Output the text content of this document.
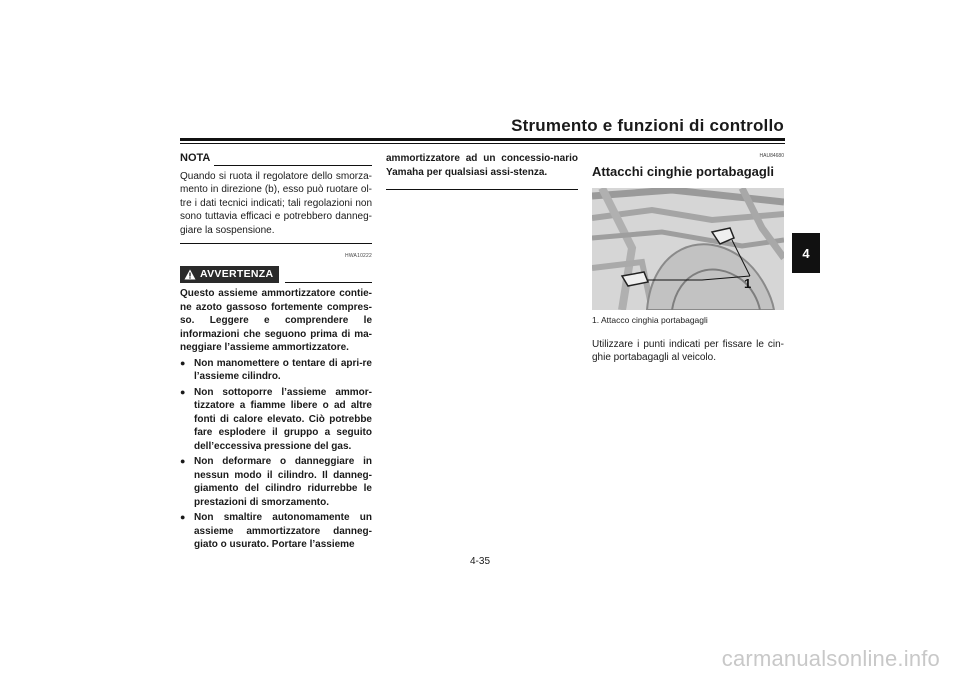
Strumento e funzioni di controllo
4
NOTA

Quando si ruota il regolatore dello smorza-mento in direzione (b), esso può ruotare ol-tre i dati tecnici indicati; tali regolazioni non sono tuttavia efficaci e potrebbero danneg-giare la sospensione.

HWA10222
AVVERTENZA

Questo assieme ammortizzatore contie-ne azoto gassoso fortemente compres-so. Leggere e comprendere le informazioni che seguono prima di ma-neggiare l’assieme ammortizzatore.

● Non manomettere o tentare di apri-re l’assieme cilindro.
● Non sottoporre l’assieme ammor-tizzatore a fiamme libere o ad altre fonti di calore elevato. Ciò potrebbe fare esplodere il gruppo a seguito dell’eccessiva pressione del gas.
● Non deformare o danneggiare in nessun modo il cilindro. Il danneg-giamento del cilindro ridurrebbe le prestazioni di smorzamento.
● Non smaltire autonomamente un assieme ammortizzatore danneg-giato o usurato. Portare l’assieme

ammortizzatore ad un concessio-nario Yamaha per qualsiasi assi-stenza.

HAU84680
Attacchi cinghie portabagagli
1
1. Attacco cinghia portabagagli

Utilizzare i punti indicati per fissare le cin-ghie portabagagli al veicolo.

4-35
carmanualsonline.info
